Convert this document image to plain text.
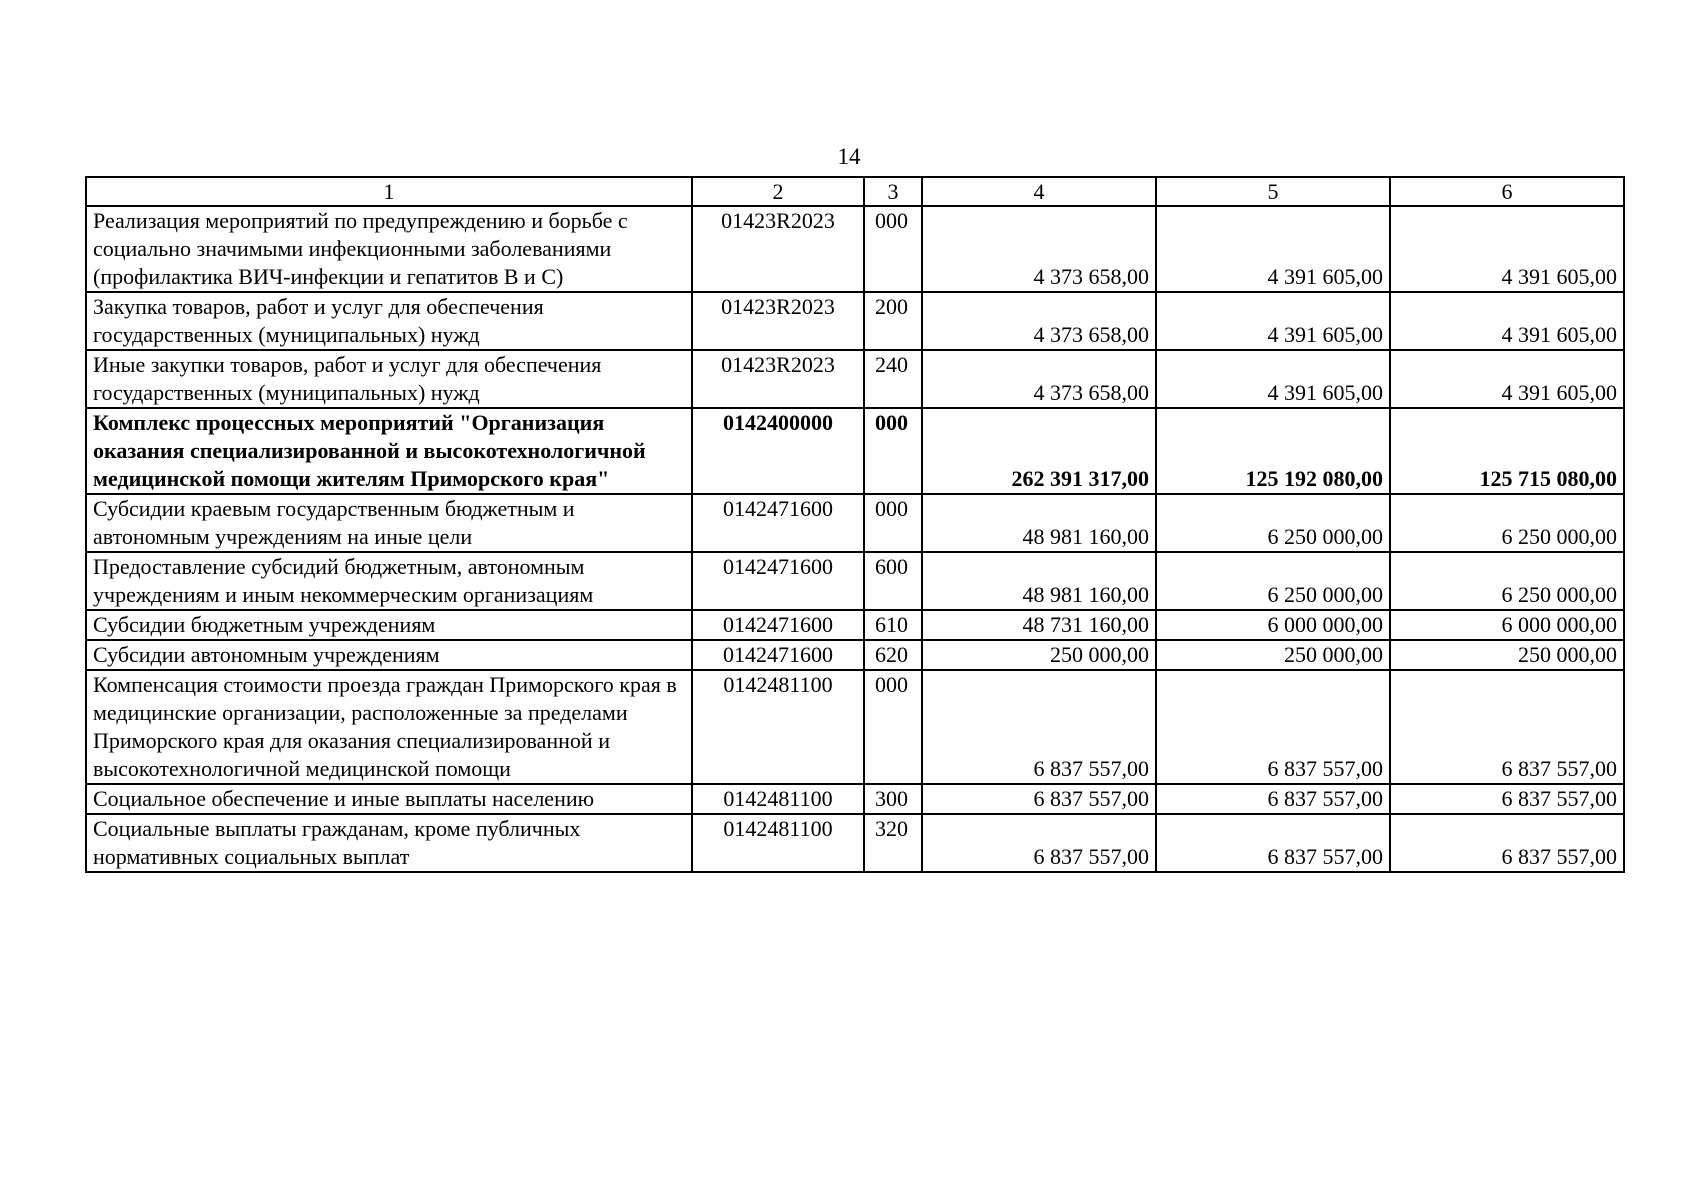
14
1	2	3	4	5	6
Реализация мероприятий по предупреждению и борьбе с социально значимыми инфекционными заболеваниями (профилактика ВИЧ-инфекции и гепатитов В и С)	01423R2023	000	4 373 658,00	4 391 605,00	4 391 605,00
Закупка товаров, работ и услуг для обеспечения государственных (муниципальных) нужд	01423R2023	200	4 373 658,00	4 391 605,00	4 391 605,00
Иные закупки товаров, работ и услуг для обеспечения государственных (муниципальных) нужд	01423R2023	240	4 373 658,00	4 391 605,00	4 391 605,00
Комплекс процессных мероприятий "Организация оказания специализированной и высокотехнологичной медицинской помощи жителям Приморского края"	0142400000	000	262 391 317,00	125 192 080,00	125 715 080,00
Субсидии краевым государственным бюджетным и автономным учреждениям на иные цели	0142471600	000	48 981 160,00	6 250 000,00	6 250 000,00
Предоставление субсидий бюджетным, автономным учреждениям и иным некоммерческим организациям	0142471600	600	48 981 160,00	6 250 000,00	6 250 000,00
Субсидии бюджетным учреждениям	0142471600	610	48 731 160,00	6 000 000,00	6 000 000,00
Субсидии автономным учреждениям	0142471600	620	250 000,00	250 000,00	250 000,00
Компенсация стоимости проезда граждан Приморского края в медицинские организации, расположенные за пределами Приморского края для оказания специализированной и высокотехнологичной медицинской помощи	0142481100	000	6 837 557,00	6 837 557,00	6 837 557,00
Социальное обеспечение и иные выплаты населению	0142481100	300	6 837 557,00	6 837 557,00	6 837 557,00
Социальные выплаты гражданам, кроме публичных нормативных социальных выплат	0142481100	320	6 837 557,00	6 837 557,00	6 837 557,00
